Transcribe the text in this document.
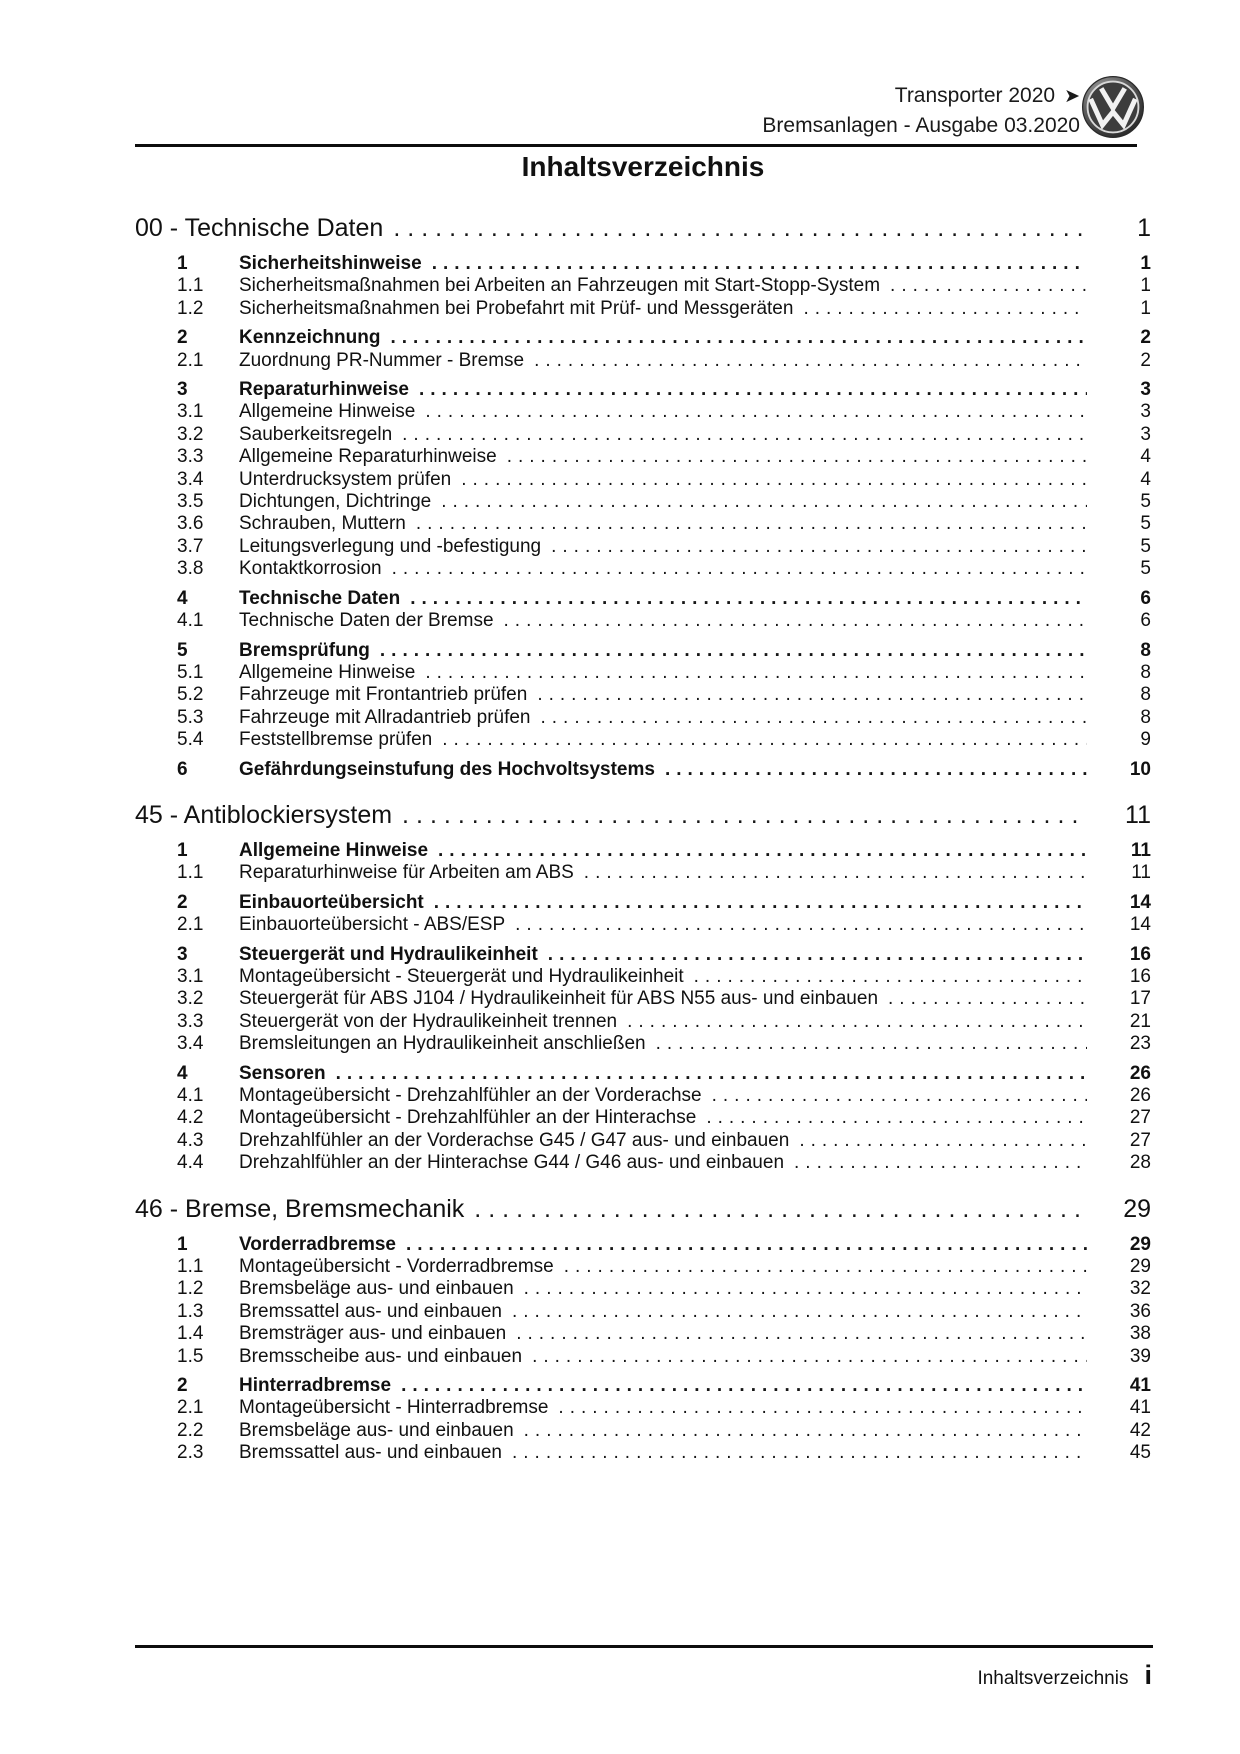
Transporter 2020 ➤
Bremsanlagen - Ausgabe 03.2020
Inhaltsverzeichnis
00 - Technische Daten .....	1
1	Sicherheitshinweise .....	1
1.1	Sicherheitsmaßnahmen bei Arbeiten an Fahrzeugen mit Start-Stopp-System .....	1
1.2	Sicherheitsmaßnahmen bei Probefahrt mit Prüf- und Messgeräten .....	1
2	Kennzeichnung .....	2
2.1	Zuordnung PR-Nummer - Bremse .....	2
3	Reparaturhinweise .....	3
3.1	Allgemeine Hinweise .....	3
3.2	Sauberkeitsregeln .....	3
3.3	Allgemeine Reparaturhinweise .....	4
3.4	Unterdrucksystem prüfen .....	4
3.5	Dichtungen, Dichtringe .....	5
3.6	Schrauben, Muttern .....	5
3.7	Leitungsverlegung und -befestigung .....	5
3.8	Kontaktkorrosion .....	5
4	Technische Daten .....	6
4.1	Technische Daten der Bremse .....	6
5	Bremsprüfung .....	8
5.1	Allgemeine Hinweise .....	8
5.2	Fahrzeuge mit Frontantrieb prüfen .....	8
5.3	Fahrzeuge mit Allradantrieb prüfen .....	8
5.4	Feststellbremse prüfen .....	9
6	Gefährdungseinstufung des Hochvoltsystems .....	10
45 - Antiblockiersystem .....	11
1	Allgemeine Hinweise .....	11
1.1	Reparaturhinweise für Arbeiten am ABS .....	11
2	Einbauorteübersicht .....	14
2.1	Einbauorteübersicht - ABS/ESP .....	14
3	Steuergerät und Hydraulikeinheit .....	16
3.1	Montageübersicht - Steuergerät und Hydraulikeinheit .....	16
3.2	Steuergerät für ABS J104 / Hydraulikeinheit für ABS N55 aus- und einbauen .....	17
3.3	Steuergerät von der Hydraulikeinheit trennen .....	21
3.4	Bremsleitungen an Hydraulikeinheit anschließen .....	23
4	Sensoren .....	26
4.1	Montageübersicht - Drehzahlfühler an der Vorderachse .....	26
4.2	Montageübersicht - Drehzahlfühler an der Hinterachse .....	27
4.3	Drehzahlfühler an der Vorderachse G45 / G47 aus- und einbauen .....	27
4.4	Drehzahlfühler an der Hinterachse G44 / G46 aus- und einbauen .....	28
46 - Bremse, Bremsmechanik .....	29
1	Vorderradbremse .....	29
1.1	Montageübersicht - Vorderradbremse .....	29
1.2	Bremsbeläge aus- und einbauen .....	32
1.3	Bremssattel aus- und einbauen .....	36
1.4	Bremsträger aus- und einbauen .....	38
1.5	Bremsscheibe aus- und einbauen .....	39
2	Hinterradbremse .....	41
2.1	Montageübersicht - Hinterradbremse .....	41
2.2	Bremsbeläge aus- und einbauen .....	42
2.3	Bremssattel aus- und einbauen .....	45
Inhaltsverzeichnis i
